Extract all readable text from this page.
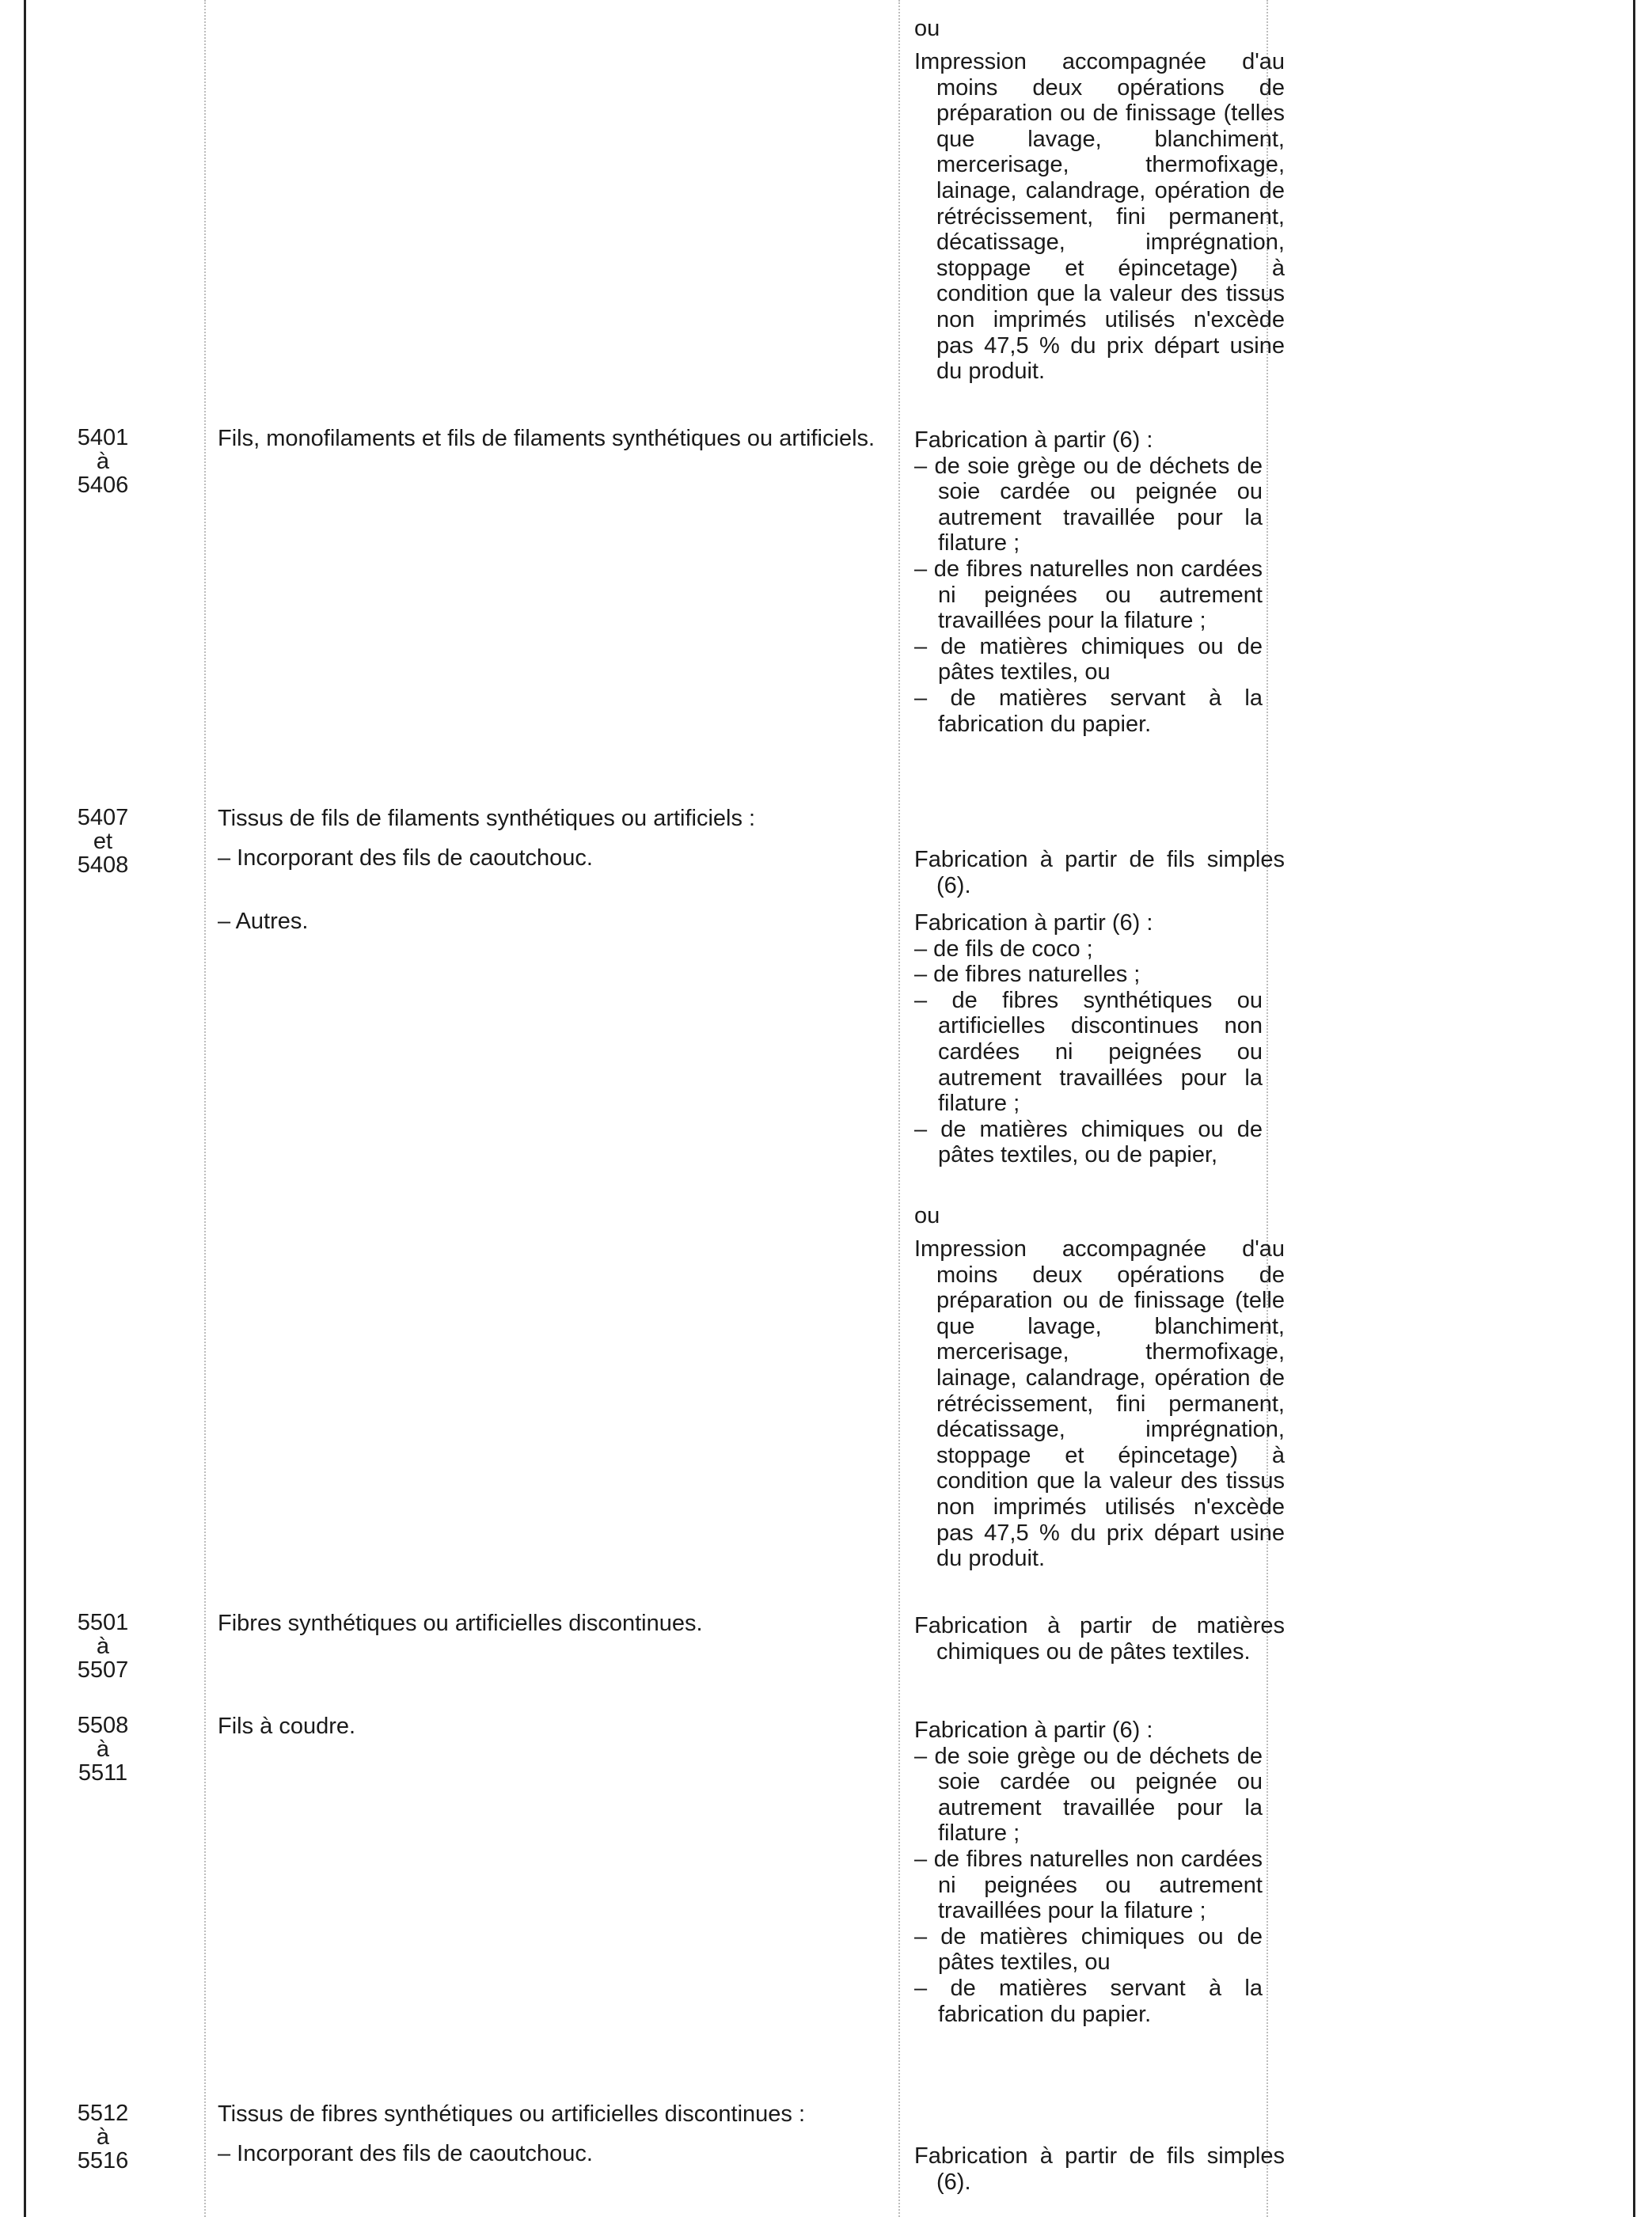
ou

Impression accompagnée d'au moins deux opérations de préparation ou de finissage (telles que lavage, blanchiment, mercerisage, thermofixage, lainage, calandrage, opération de rétrécissement, fini permanent, décatissage, imprégnation, stoppage et épincetage) à condition que la valeur des tissus non imprimés utilisés n'excède pas 47,5 % du prix départ usine du produit.

5401
à
5406
Fils, monofilaments et fils de filaments synthétiques ou artificiels.	Fabrication à partir (6) :

– de soie grège ou de déchets de soie cardée ou peignée ou autrement travaillée pour la filature ;

– de fibres naturelles non cardées ni peignées ou autrement travaillées pour la filature ;

– de matières chimiques ou de pâtes textiles, ou

– de matières servant à la fabrication du papier.

5407
et
5408
Tissus de fils de filaments synthétiques ou artificiels :
– Incorporant des fils de caoutchouc.	Fabrication à partir de fils simples (6).

– Autres.	Fabrication à partir (6) :

– de fils de coco ;

– de fibres naturelles ;

– de fibres synthétiques ou artificielles discontinues non cardées ni peignées ou autrement travaillées pour la filature ;

– de matières chimiques ou de pâtes textiles, ou de papier,

ou

Impression accompagnée d'au moins deux opérations de préparation ou de finissage (telle que lavage, blanchiment, mercerisage, thermofixage, lainage, calandrage, opération de rétrécissement, fini permanent, décatissage, imprégnation, stoppage et épincetage) à condition que la valeur des tissus non imprimés utilisés n'excède pas 47,5 % du prix départ usine du produit.

5501
à
5507
Fibres synthétiques ou artificielles discontinues.	Fabrication à partir de matières chimiques ou de pâtes textiles.

5508
à
5511
Fils à coudre.	Fabrication à partir (6) :

– de soie grège ou de déchets de soie cardée ou peignée ou autrement travaillée pour la filature ;

– de fibres naturelles non cardées ni peignées ou autrement travaillées pour la filature ;

– de matières chimiques ou de pâtes textiles, ou

– de matières servant à la fabrication du papier.

5512
à
5516
Tissus de fibres synthétiques ou artificielles discontinues :
– Incorporant des fils de caoutchouc.	Fabrication à partir de fils simples (6).
